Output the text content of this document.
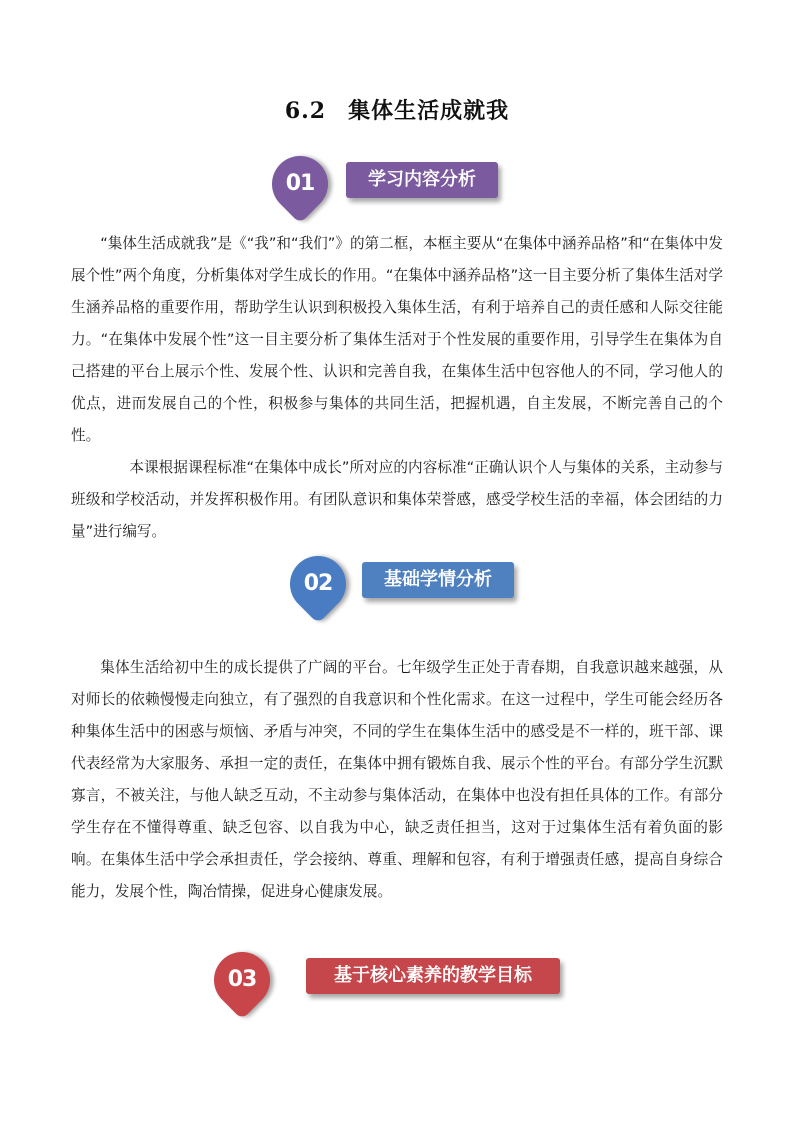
6.2 集体生活成就我
01	学习内容分析

“集体生活成就我”是《“我”和“我们”》的第二框，本框主要从“在集体中涵养品格”和“在集体中发展个性”两个角度，分析集体对学生成长的作用。“在集体中涵养品格”这一目主要分析了集体生活对学生涵养品格的重要作用，帮助学生认识到积极投入集体生活，有利于培养自己的责任感和人际交往能力。“在集体中发展个性”这一目主要分析了集体生活对于个性发展的重要作用，引导学生在集体为自己搭建的平台上展示个性、发展个性、认识和完善自我，在集体生活中包容他人的不同，学习他人的优点，进而发展自己的个性，积极参与集体的共同生活，把握机遇，自主发展，不断完善自己的个性。

本课根据课程标准“在集体中成长”所对应的内容标准“正确认识个人与集体的关系，主动参与班级和学校活动，并发挥积极作用。有团队意识和集体荣誉感，感受学校生活的幸福，体会团结的力量”进行编写。

02	基础学情分析

集体生活给初中生的成长提供了广阔的平台。七年级学生正处于青春期，自我意识越来越强，从对师长的依赖慢慢走向独立，有了强烈的自我意识和个性化需求。在这一过程中，学生可能会经历各种集体生活中的困惑与烦恼、矛盾与冲突，不同的学生在集体生活中的感受是不一样的，班干部、课代表经常为大家服务、承担一定的责任，在集体中拥有锻炼自我、展示个性的平台。有部分学生沉默寡言，不被关注，与他人缺乏互动，不主动参与集体活动，在集体中也没有担任具体的工作。有部分学生存在不懂得尊重、缺乏包容、以自我为中心，缺乏责任担当，这对于过集体生活有着负面的影响。在集体生活中学会承担责任，学会接纳、尊重、理解和包容，有利于增强责任感，提高自身综合能力，发展个性，陶冶情操，促进身心健康发展。

03	基于核心素养的教学目标
